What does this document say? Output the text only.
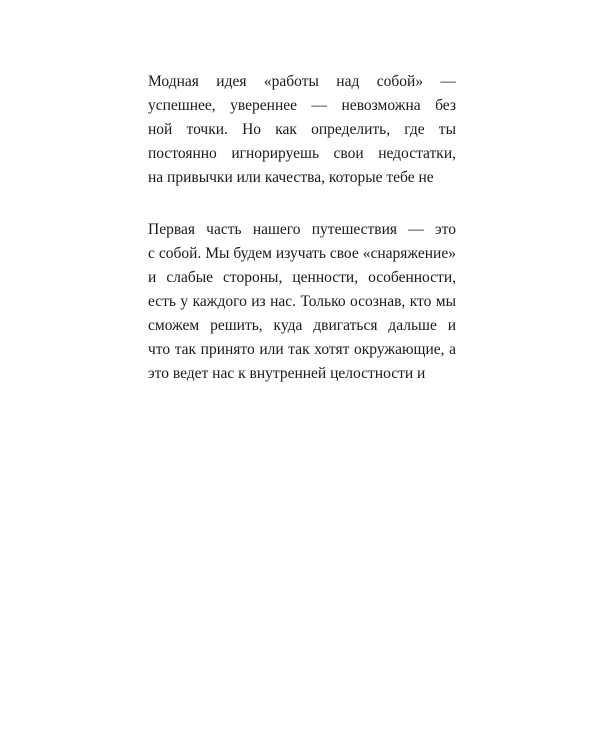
Модная идея «работы над собой» —
успешнее, увереннее — невозможна без
ной точки. Но как определить, где ты
постоянно игнорируешь свои недостатки,
на привычки или качества, которые тебе не
Первая часть нашего путешествия — это
с собой. Мы будем изучать свое «снаряжение»
и слабые стороны, ценности, особенности,
есть у каждого из нас. Только осознав, кто мы
сможем решить, куда двигаться дальше и
что так принято или так хотят окружающие, а
это ведет нас к внутренней целостности и
